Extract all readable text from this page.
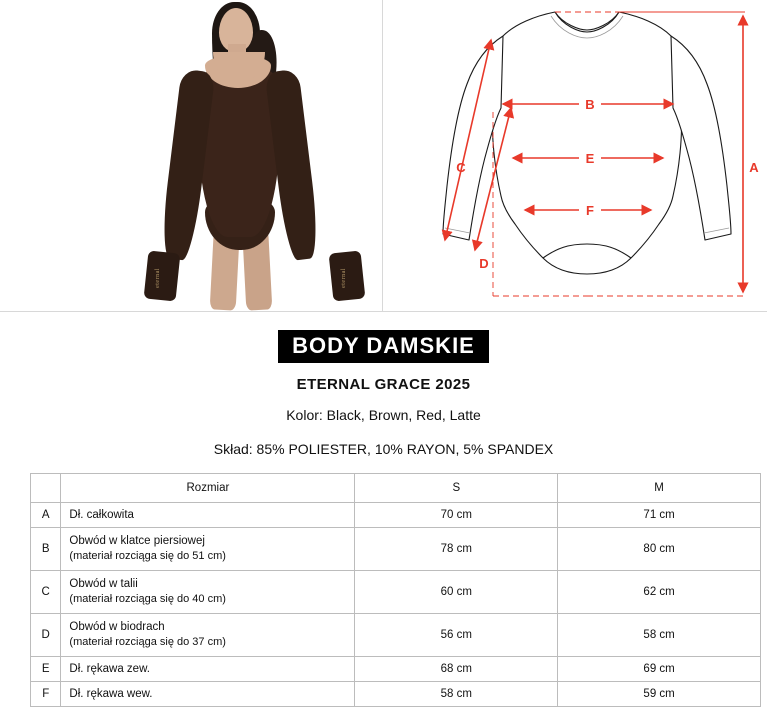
eternal	eternal
B
E
F
A
C
D
BODY DAMSKIE
ETERNAL GRACE 2025
Kolor: Black, Brown, Red, Latte
Skład: 85% POLIESTER, 10% RAYON, 5% SPANDEX
	Rozmiar	S	M
A	Dł. całkowita	70 cm	71 cm
B	Obwód w klatce piersiowej
(materiał rozciąga się do 51 cm)	78 cm	80 cm
C	Obwód w talii
(materiał rozciąga się do 40 cm)	60 cm	62 cm
D	Obwód w biodrach
(materiał rozciąga się do 37 cm)	56 cm	58 cm
E	Dł. rękawa zew.	68 cm	69 cm
F	Dł. rękawa wew.	58 cm	59 cm
